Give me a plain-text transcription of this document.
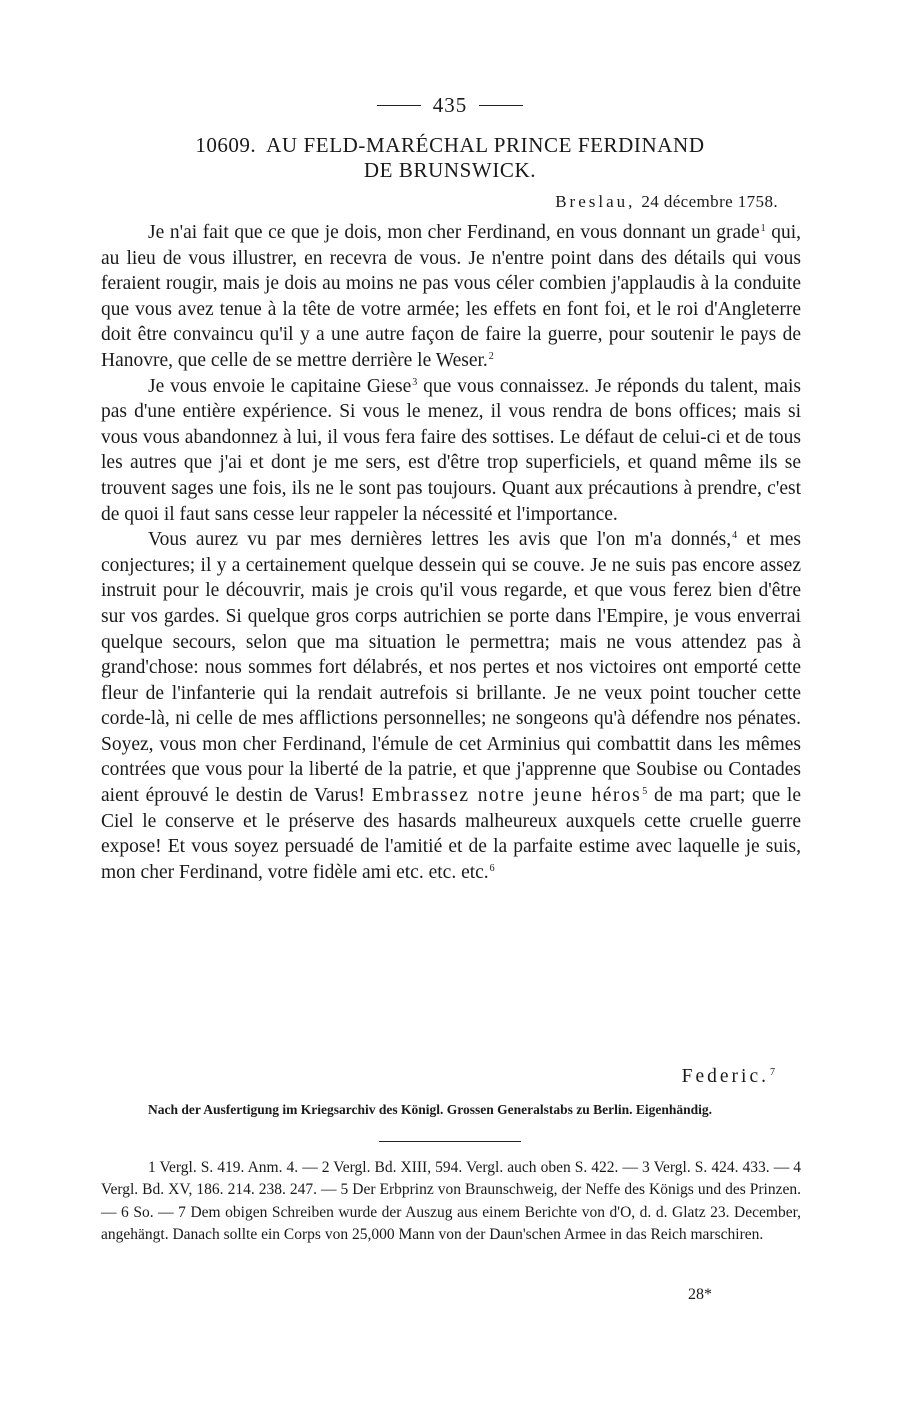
435
10609. AU FELD-MARÉCHAL PRINCE FERDINAND
DE BRUNSWICK.
Breslau, 24 décembre 1758.

Je n'ai fait que ce que je dois, mon cher Ferdinand, en vous donnant un grade$^1$ qui, au lieu de vous illustrer, en recevra de vous. Je n'entre point dans des détails qui vous feraient rougir, mais je dois au moins ne pas vous céler combien j'applaudis à la conduite que vous avez tenue à la tête de votre armée; les effets en font foi, et le roi d'Angleterre doit être convaincu qu'il y a une autre façon de faire la guerre, pour soutenir le pays de Hanovre, que celle de se mettre derrière le Weser.$^2$

Je vous envoie le capitaine Giese$^3$ que vous connaissez. Je réponds du talent, mais pas d'une entière expérience. Si vous le menez, il vous rendra de bons offices; mais si vous vous abandonnez à lui, il vous fera faire des sottises. Le défaut de celui-ci et de tous les autres que j'ai et dont je me sers, est d'être trop superficiels, et quand même ils se trouvent sages une fois, ils ne le sont pas toujours. Quant aux précautions à prendre, c'est de quoi il faut sans cesse leur rappeler la nécessité et l'importance.

Vous aurez vu par mes dernières lettres les avis que l'on m'a donnés,$^4$ et mes conjectures; il y a certainement quelque dessein qui se couve. Je ne suis pas encore assez instruit pour le découvrir, mais je crois qu'il vous regarde, et que vous ferez bien d'être sur vos gardes. Si quelque gros corps autrichien se porte dans l'Empire, je vous enverrai quelque secours, selon que ma situation le permettra; mais ne vous attendez pas à grand'chose: nous sommes fort délabrés, et nos pertes et nos victoires ont emporté cette fleur de l'infanterie qui la rendait autrefois si brillante. Je ne veux point toucher cette corde-là, ni celle de mes afflictions personnelles; ne songeons qu'à défendre nos pénates. Soyez, vous mon cher Ferdinand, l'émule de cet Arminius qui combattit dans les mêmes contrées que vous pour la liberté de la patrie, et que j'apprenne que Soubise ou Contades aient éprouvé le destin de Varus! Embrassez notre jeune héros$^5$ de ma part; que le Ciel le conserve et le préserve des hasards malheureux auxquels cette cruelle guerre expose! Et vous soyez persuadé de l'amitié et de la parfaite estime avec laquelle je suis, mon cher Ferdinand, votre fidèle ami etc. etc. etc.$^6$

Federic.$^7$
Nach der Ausfertigung im Kriegsarchiv des Königl. Grossen Generalstabs zu Berlin. Eigenhändig.
1 Vergl. S. 419. Anm. 4. — 2 Vergl. Bd. XIII, 594. Vergl. auch oben S. 422. — 3 Vergl. S. 424. 433. — 4 Vergl. Bd. XV, 186. 214. 238. 247. — 5 Der Erbprinz von Braunschweig, der Neffe des Königs und des Prinzen. — 6 So. — 7 Dem obigen Schreiben wurde der Auszug aus einem Berichte von d'O, d. d. Glatz 23. December, angehängt. Danach sollte ein Corps von 25,000 Mann von der Daun'schen Armee in das Reich marschiren.
28*
